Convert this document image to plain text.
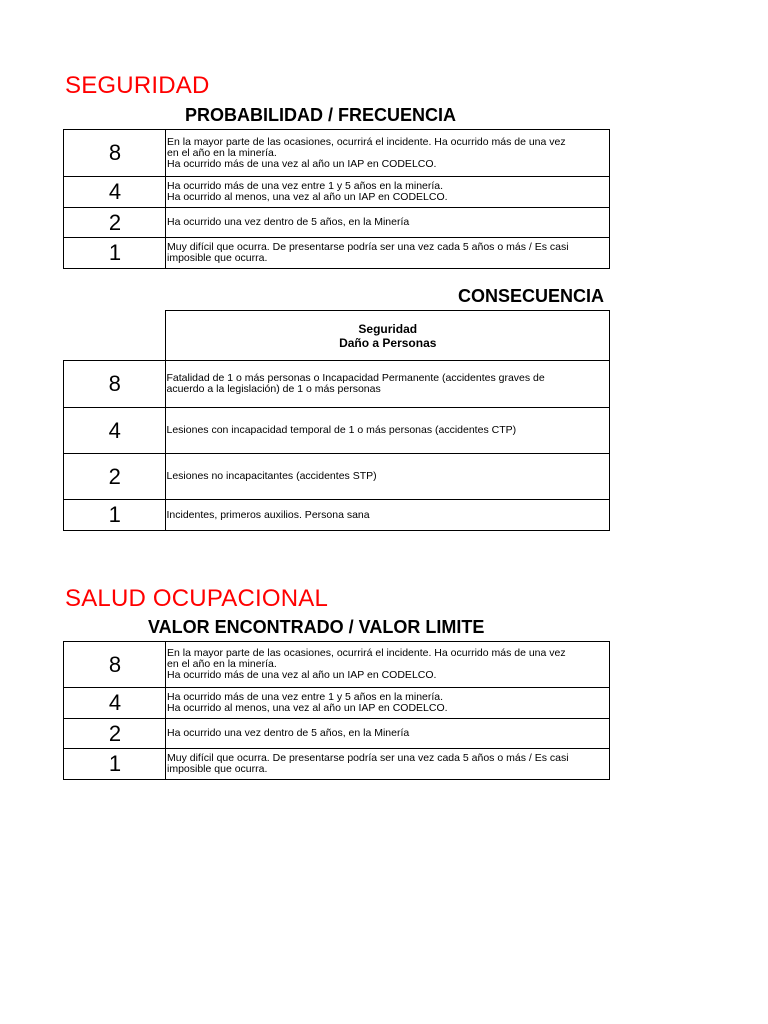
SEGURIDAD
PROBABILIDAD / FRECUENCIA
8	En la mayor parte de las ocasiones, ocurrirá el incidente. Ha ocurrido más de una vez
en el año en la minería.
Ha ocurrido más de una vez al año un IAP en CODELCO.

4	Ha ocurrido más de una vez entre 1 y 5 años en la minería.
Ha ocurrido al menos, una vez al año un IAP en CODELCO.

2	Ha ocurrido una vez dentro de 5 años, en la Minería

1	Muy difícil que ocurra. De presentarse podría ser una vez cada 5 años o más / Es casi
imposible que ocurra.
CONSECUENCIA

	Seguridad
Daño a Personas

8	Fatalidad de 1 o más personas o Incapacidad Permanente (accidentes graves de
acuerdo a la legislación) de 1 o más personas

4	Lesiones con incapacidad temporal de 1 o más personas (accidentes CTP)

2	Lesiones no incapacitantes (accidentes STP)

1	Incidentes, primeros auxilios. Persona sana
SALUD OCUPACIONAL
VALOR ENCONTRADO / VALOR LIMITE
8	En la mayor parte de las ocasiones, ocurrirá el incidente. Ha ocurrido más de una vez
en el año en la minería.
Ha ocurrido más de una vez al año un IAP en CODELCO.

4	Ha ocurrido más de una vez entre 1 y 5 años en la minería.
Ha ocurrido al menos, una vez al año un IAP en CODELCO.

2	Ha ocurrido una vez dentro de 5 años, en la Minería

1	Muy difícil que ocurra. De presentarse podría ser una vez cada 5 años o más / Es casi
imposible que ocurra.
